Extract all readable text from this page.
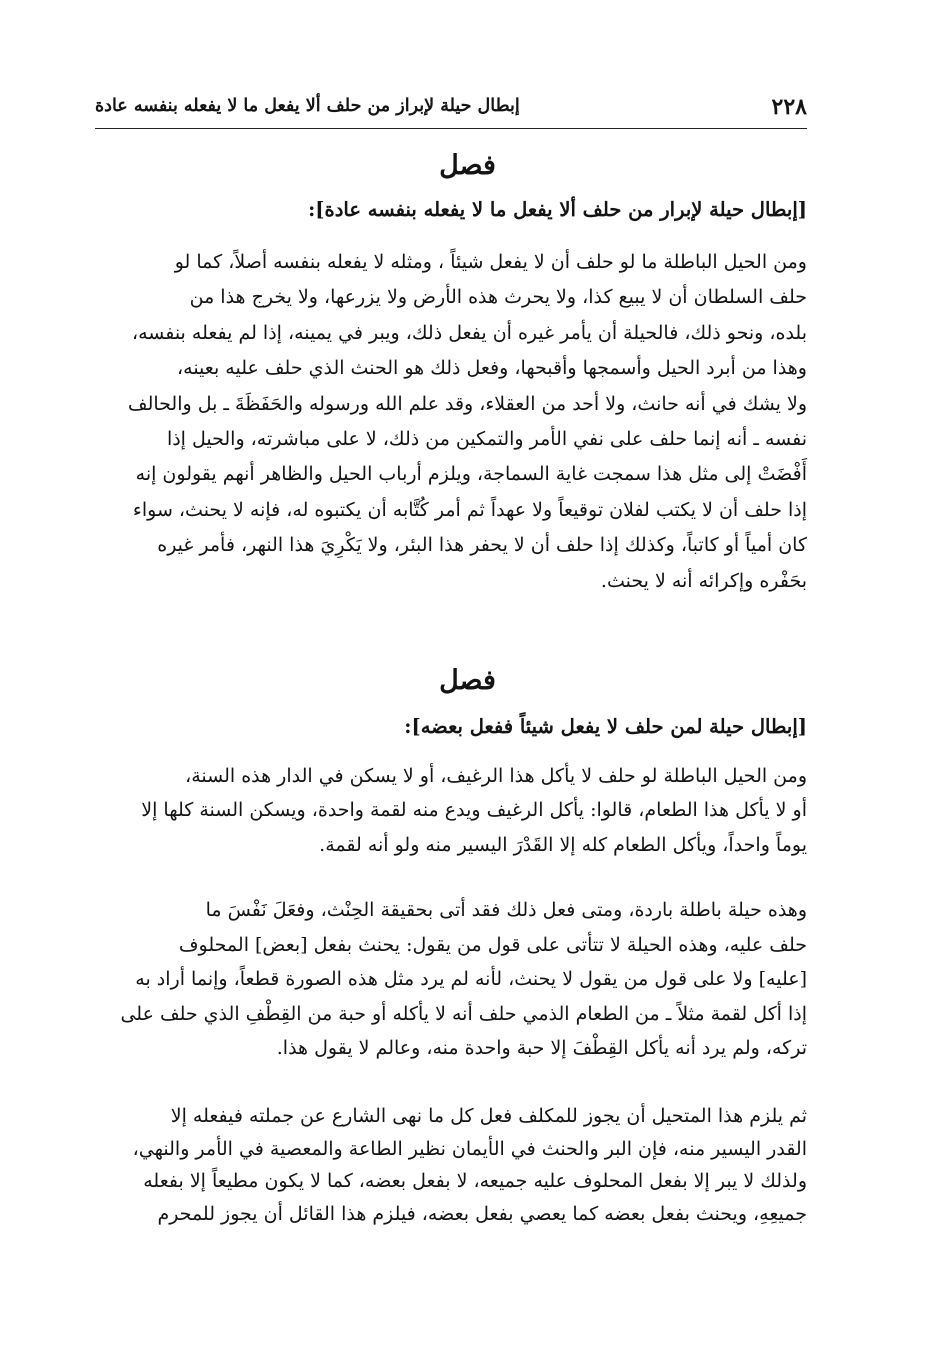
٢٢٨
إبطال حيلة لإبراز من حلف ألا يفعل ما لا يفعله بنفسه عادة
فصل
[إبطال حيلة لإبرار من حلف ألا يفعل ما لا يفعله بنفسه عادة]:
ومن الحيل الباطلة ما لو حلف أن لا يفعل شيئاً ، ومثله لا يفعله بنفسه أصلاً، كما لو
حلف السلطان أن لا يبيع كذا، ولا يحرث هذه الأرض ولا يزرعها، ولا يخرج هذا من
بلده، ونحو ذلك، فالحيلة أن يأمر غيره أن يفعل ذلك، ويبر في يمينه، إذا لم يفعله بنفسه،
وهذا من أبرد الحيل وأسمجها وأقبحها، وفعل ذلك هو الحنث الذي حلف عليه بعينه،
ولا يشك في أنه حانث، ولا أحد من العقلاء، وقد علم الله ورسوله والحَفَظَةَ ـ بل والحالف
نفسه ـ أنه إنما حلف على نفي الأمر والتمكين من ذلك، لا على مباشرته، والحيل إذا
أَفْضَتْ إلى مثل هذا سمجت غاية السماجة، ويلزم أرباب الحيل والظاهر أنهم يقولون إنه
إذا حلف أن لا يكتب لفلان توقيعاً ولا عهداً ثم أمر كُتَّابه أن يكتبوه له، فإنه لا يحنث، سواء
كان أمياً أو كاتباً، وكذلك إذا حلف أن لا يحفر هذا البئر، ولا يَكْرِيَ هذا النهر، فأمر غيره
بحَفْره وإكرائه أنه لا يحنث.
فصل
[إبطال حيلة لمن حلف لا يفعل شيئاً ففعل بعضه]:
ومن الحيل الباطلة لو حلف لا يأكل هذا الرغيف، أو لا يسكن في الدار هذه السنة،
أو لا يأكل هذا الطعام، قالوا: يأكل الرغيف ويدع منه لقمة واحدة، ويسكن السنة كلها إلا
يوماً واحداً، ويأكل الطعام كله إلا القَدْرَ اليسير منه ولو أنه لقمة.
وهذه حيلة باطلة باردة، ومتى فعل ذلك فقد أتى بحقيقة الحِنْث، وفعَلَ نَفْسَ ما
حلف عليه، وهذه الحيلة لا تتأتى على قول من يقول: يحنث بفعل [بعض] المحلوف
[عليه] ولا على قول من يقول لا يحنث، لأنه لم يرد مثل هذه الصورة قطعاً، وإنما أراد به
إذا أكل لقمة مثلاً ـ من الطعام الذمي حلف أنه لا يأكله أو حبة من القِطْفِ الذي حلف على
تركه، ولم يرد أنه يأكل القِطْفَ إلا حبة واحدة منه، وعالم لا يقول هذا.
ثم يلزم هذا المتحيل أن يجوز للمكلف فعل كل ما نهى الشارع عن جملته فيفعله إلا
القدر اليسير منه، فإن البر والحنث في الأيمان نظير الطاعة والمعصية في الأمر والنهي،
ولذلك لا يبر إلا بفعل المحلوف عليه جميعه، لا بفعل بعضه، كما لا يكون مطيعاً إلا بفعله
جميعِهِ، ويحنث بفعل بعضه كما يعصي بفعل بعضه، فيلزم هذا القائل أن يجوز للمحرم
